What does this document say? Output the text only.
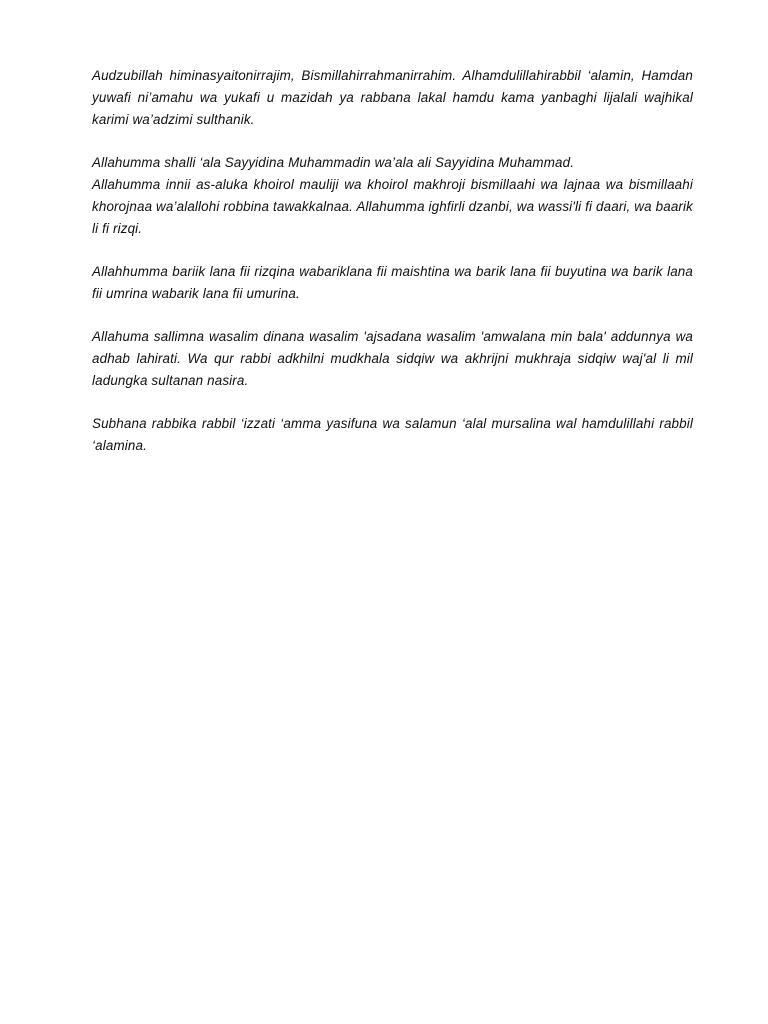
Audzubillah himinasyaitonirrajim, Bismillahirrahmanirrahim. Alhamdulillahirabbil ‘alamin, Hamdan yuwafi ni’amahu wa yukafi u mazidah ya rabbana lakal hamdu kama yanbaghi lijalali wajhikal karimi wa’adzimi sulthanik.

Allahumma shalli ‘ala Sayyidina Muhammadin wa’ala ali Sayyidina Muhammad.

Allahumma innii as-aluka khoirol mauliji wa khoirol makhroji bismillaahi wa lajnaa wa bismillaahi khorojnaa wa’alallohi robbina tawakkalnaa. Allahumma ighfirli dzanbi, wa wassi'li fi daari, wa baarik li fi rizqi.

Allahhumma bariik lana fii rizqina wabariklana fii maishtina wa barik lana fii buyutina wa barik lana fii umrina wabarik lana fii umurina.

Allahuma sallimna wasalim dinana wasalim 'ajsadana wasalim 'amwalana min bala' addunnya wa adhab lahirati. Wa qur rabbi adkhilni mudkhala sidqiw wa akhrijni mukhraja sidqiw waj'al li mil ladungka sultanan nasira.

Subhana rabbika rabbil ‘izzati ‘amma yasifuna wa salamun ‘alal mursalina wal hamdulillahi rabbil ‘alamina.
